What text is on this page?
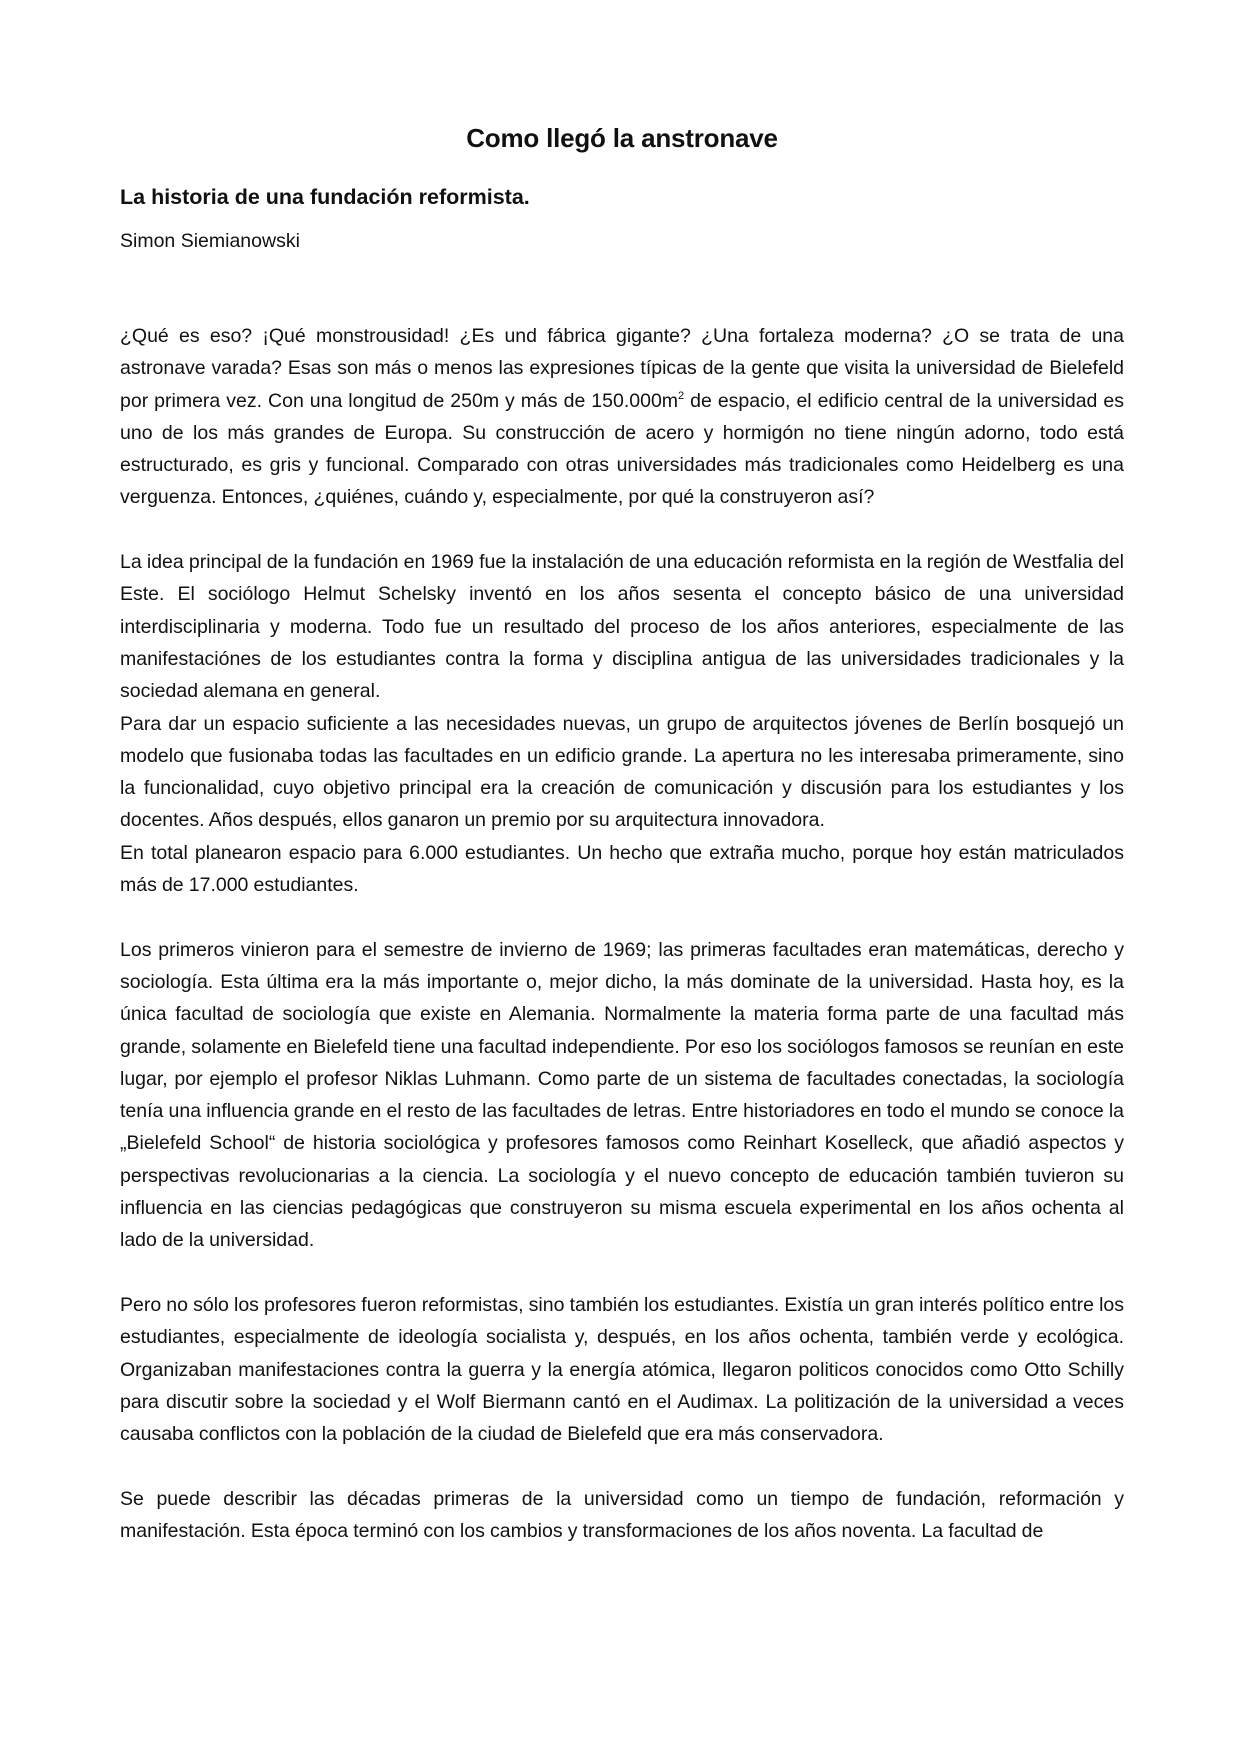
Como llegó la anstronave
La historia de una fundación reformista.

Simon Siemianowski

¿Qué es eso? ¡Qué monstrousidad! ¿Es und fábrica gigante? ¿Una fortaleza moderna? ¿O se trata de una astronave varada? Esas son más o menos las expresiones típicas de la gente que visita la universidad de Bielefeld por primera vez. Con una longitud de 250m y más de $150.000m^2$ de espacio, el edificio central de la universidad es uno de los más grandes de Europa. Su construcción de acero y hormigón no tiene ningún adorno, todo está estructurado, es gris y funcional. Comparado con otras universidades más tradicionales como Heidelberg es una verguenza. Entonces, ¿quiénes, cuándo y, especialmente, por qué la construyeron así?

La idea principal de la fundación en 1969 fue la instalación de una educación reformista en la región de Westfalia del Este. El sociólogo Helmut Schelsky inventó en los años sesenta el concepto básico de una universidad interdisciplinaria y moderna. Todo fue un resultado del proceso de los años anteriores, especialmente de las manifestaciónes de los estudiantes contra la forma y disciplina antigua de las universidades tradicionales y la sociedad alemana en general.

Para dar un espacio suficiente a las necesidades nuevas, un grupo de arquitectos jóvenes de Berlín bosquejó un modelo que fusionaba todas las facultades en un edificio grande. La apertura no les interesaba primeramente, sino la funcionalidad, cuyo objetivo principal era la creación de comunicación y discusión para los estudiantes y los docentes. Años después, ellos ganaron un premio por su arquitectura innovadora.

En total planearon espacio para 6.000 estudiantes. Un hecho que extraña mucho, porque hoy están matriculados más de 17.000 estudiantes.

Los primeros vinieron para el semestre de invierno de 1969; las primeras facultades eran matemáticas, derecho y sociología. Esta última era la más importante o, mejor dicho, la más dominate de la universidad. Hasta hoy, es la única facultad de sociología que existe en Alemania. Normalmente la materia forma parte de una facultad más grande, solamente en Bielefeld tiene una facultad independiente. Por eso los sociólogos famosos se reunían en este lugar, por ejemplo el profesor Niklas Luhmann. Como parte de un sistema de facultades conectadas, la sociología tenía una influencia grande en el resto de las facultades de letras. Entre historiadores en todo el mundo se conoce la „Bielefeld School“ de historia sociológica y profesores famosos como Reinhart Koselleck, que añadió aspectos y perspectivas revolucionarias a la ciencia. La sociología y el nuevo concepto de educación también tuvieron su influencia en las ciencias pedagógicas que construyeron su misma escuela experimental en los años ochenta al lado de la universidad.

Pero no sólo los profesores fueron reformistas, sino también los estudiantes. Existía un gran interés político entre los estudiantes, especialmente de ideología socialista y, después, en los años ochenta, también verde y ecológica. Organizaban manifestaciones contra la guerra y la energía atómica, llegaron politicos conocidos como Otto Schilly para discutir sobre la sociedad y el Wolf Biermann cantó en el Audimax. La politización de la universidad a veces causaba conflictos con la población de la ciudad de Bielefeld que era más conservadora.

Se puede describir las décadas primeras de la universidad como un tiempo de fundación, reformación y manifestación. Esta época terminó con los cambios y transformaciones de los años noventa. La facultad de
